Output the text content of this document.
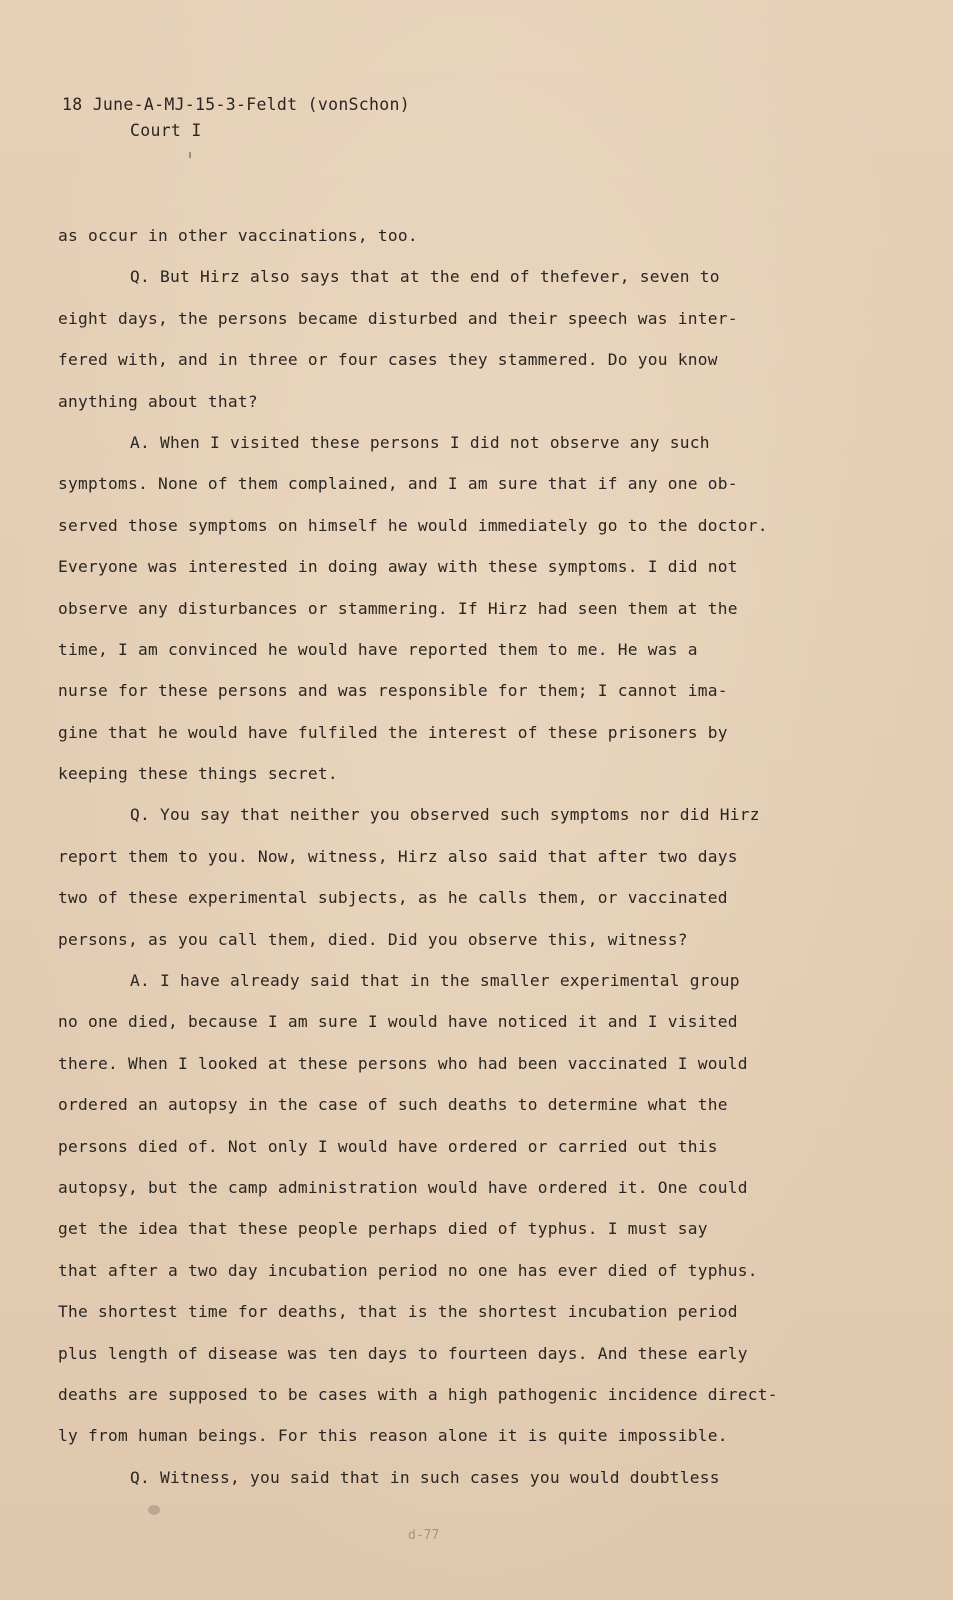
18 June-A-MJ-15-3-Feldt (vonSchon)
Court I
as occur in other vaccinations, too.
Q. But Hirz also says that at the end of thefever, seven to
eight days, the persons became disturbed and their speech was inter-
fered with, and in three or four cases they stammered. Do you know
anything about that?
A. When I visited these persons I did not observe any such
symptoms. None of them complained, and I am sure that if any one ob-
served those symptoms on himself he would immediately go to the doctor.
Everyone was interested in doing away with these symptoms. I did not
observe any disturbances or stammering. If Hirz had seen them at the
time, I am convinced he would have reported them to me. He was a
nurse for these persons and was responsible for them; I cannot ima-
gine that he would have fulfiled the interest of these prisoners by
keeping these things secret.
Q. You say that neither you observed such symptoms nor did Hirz
report them to you. Now, witness, Hirz also said that after two days
two of these experimental subjects, as he calls them, or vaccinated
persons, as you call them, died. Did you observe this, witness?
A. I have already said that in the smaller experimental group
no one died, because I am sure I would have noticed it and I visited
there. When I looked at these persons who had been vaccinated I would
ordered an autopsy in the case of such deaths to determine what the
persons died of. Not only I would have ordered or carried out this
autopsy, but the camp administration would have ordered it. One could
get the idea that these people perhaps died of typhus. I must say
that after a two day incubation period no one has ever died of typhus.
The shortest time for deaths, that is the shortest incubation period
plus length of disease was ten days to fourteen days. And these early
deaths are supposed to be cases with a high pathogenic incidence direct-
ly from human beings. For this reason alone it is quite impossible.
Q. Witness, you said that in such cases you would doubtless
d-77
